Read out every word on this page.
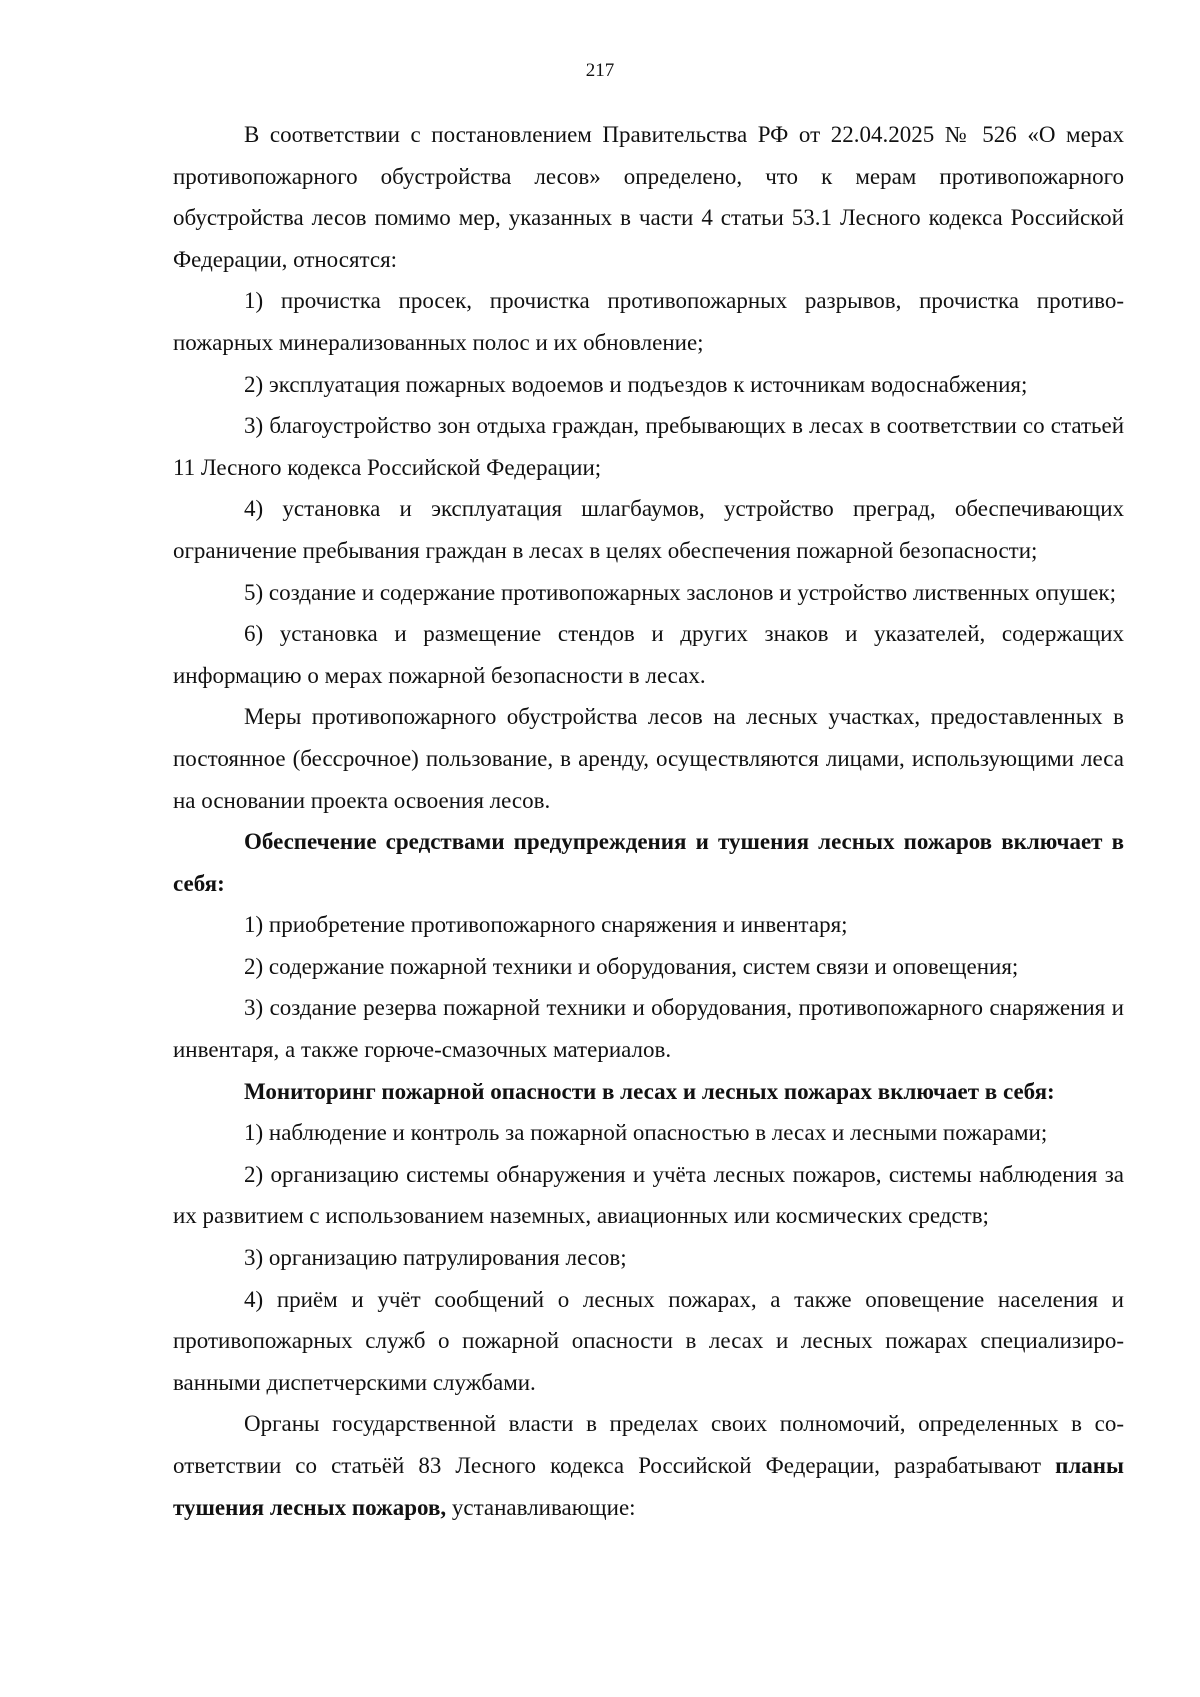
217

В соответствии с постановлением Правительства РФ от 22.04.2025 № 526 «О мерах противопожарного обустройства лесов» определено, что к мерам противопожарного обустройства лесов помимо мер, указанных в части 4 статьи 53.1 Лесного кодекса Российской Федерации, относятся:

1) прочистка просек, прочистка противопожарных разрывов, прочистка противопожарных минерализованных полос и их обновление;

2) эксплуатация пожарных водоемов и подъездов к источникам водоснабжения;

3) благоустройство зон отдыха граждан, пребывающих в лесах в соответствии со статьей 11 Лесного кодекса Российской Федерации;

4) установка и эксплуатация шлагбаумов, устройство преград, обеспечивающих ограничение пребывания граждан в лесах в целях обеспечения пожарной безопасности;

5) создание и содержание противопожарных заслонов и устройство лиственных опушек;

6) установка и размещение стендов и других знаков и указателей, содержащих информацию о мерах пожарной безопасности в лесах.

Меры противопожарного обустройства лесов на лесных участках, предоставленных в постоянное (бессрочное) пользование, в аренду, осуществляются лицами, использующими леса на основании проекта освоения лесов.

Обеспечение средствами предупреждения и тушения лесных пожаров включает в себя:

1) приобретение противопожарного снаряжения и инвентаря;

2) содержание пожарной техники и оборудования, систем связи и оповещения;

3) создание резерва пожарной техники и оборудования, противопожарного снаряжения и инвентаря, а также горюче-смазочных материалов.

Мониторинг пожарной опасности в лесах и лесных пожарах включает в себя:

1) наблюдение и контроль за пожарной опасностью в лесах и лесными пожарами;

2) организацию системы обнаружения и учёта лесных пожаров, системы наблюдения за их развитием с использованием наземных, авиационных или космических средств;

3) организацию патрулирования лесов;

4) приём и учёт сообщений о лесных пожарах, а также оповещение населения и противопожарных служб о пожарной опасности в лесах и лесных пожарах специализированными диспетчерскими службами.

Органы государственной власти в пределах своих полномочий, определенных в соответствии со статьёй 83 Лесного кодекса Российской Федерации, разрабатывают планы тушения лесных пожаров, устанавливающие:
